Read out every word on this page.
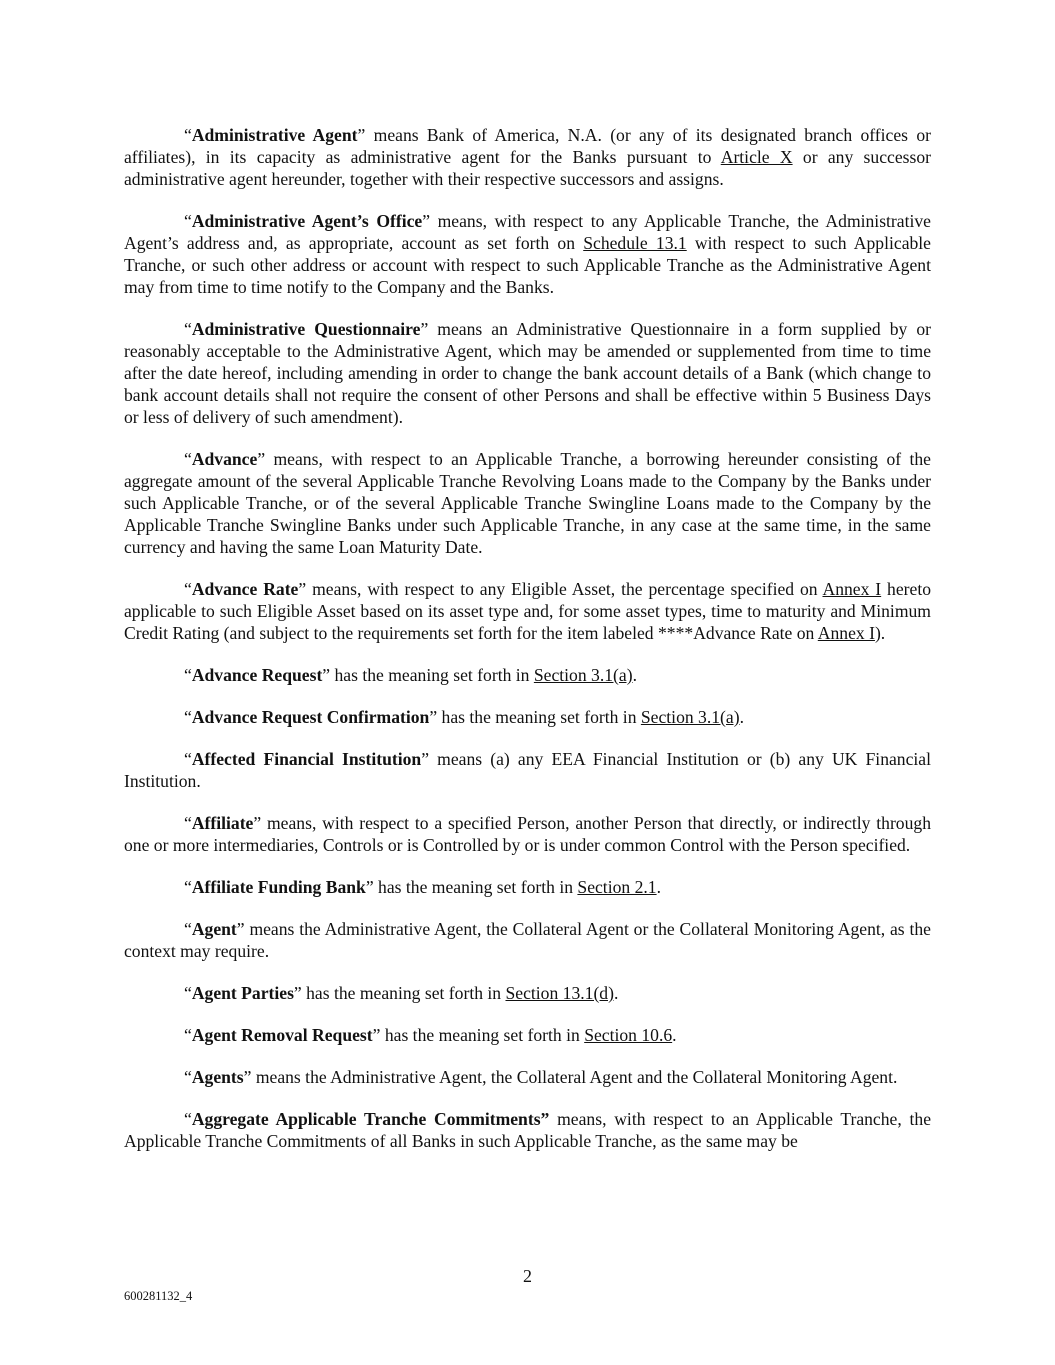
“Administrative Agent” means Bank of America, N.A. (or any of its designated branch offices or affiliates), in its capacity as administrative agent for the Banks pursuant to Article X or any successor administrative agent hereunder, together with their respective successors and assigns.

“Administrative Agent’s Office” means, with respect to any Applicable Tranche, the Administrative Agent’s address and, as appropriate, account as set forth on Schedule 13.1 with respect to such Applicable Tranche, or such other address or account with respect to such Applicable Tranche as the Administrative Agent may from time to time notify to the Company and the Banks.

“Administrative Questionnaire” means an Administrative Questionnaire in a form supplied by or reasonably acceptable to the Administrative Agent, which may be amended or supplemented from time to time after the date hereof, including amending in order to change the bank account details of a Bank (which change to bank account details shall not require the consent of other Persons and shall be effective within 5 Business Days or less of delivery of such amendment).

“Advance” means, with respect to an Applicable Tranche, a borrowing hereunder consisting of the aggregate amount of the several Applicable Tranche Revolving Loans made to the Company by the Banks under such Applicable Tranche, or of the several Applicable Tranche Swingline Loans made to the Company by the Applicable Tranche Swingline Banks under such Applicable Tranche, in any case at the same time, in the same currency and having the same Loan Maturity Date.

“Advance Rate” means, with respect to any Eligible Asset, the percentage specified on Annex I hereto applicable to such Eligible Asset based on its asset type and, for some asset types, time to maturity and Minimum Credit Rating (and subject to the requirements set forth for the item labeled ****Advance Rate on Annex I).

“Advance Request” has the meaning set forth in Section 3.1(a).

“Advance Request Confirmation” has the meaning set forth in Section 3.1(a).

“Affected Financial Institution” means (a) any EEA Financial Institution or (b) any UK Financial Institution.

“Affiliate” means, with respect to a specified Person, another Person that directly, or indirectly through one or more intermediaries, Controls or is Controlled by or is under common Control with the Person specified.

“Affiliate Funding Bank” has the meaning set forth in Section 2.1.

“Agent” means the Administrative Agent, the Collateral Agent or the Collateral Monitoring Agent, as the context may require.

“Agent Parties” has the meaning set forth in Section 13.1(d).

“Agent Removal Request” has the meaning set forth in Section 10.6.

“Agents” means the Administrative Agent, the Collateral Agent and the Collateral Monitoring Agent.

“Aggregate Applicable Tranche Commitments” means, with respect to an Applicable Tranche, the Applicable Tranche Commitments of all Banks in such Applicable Tranche, as the same may be

2
600281132_4
